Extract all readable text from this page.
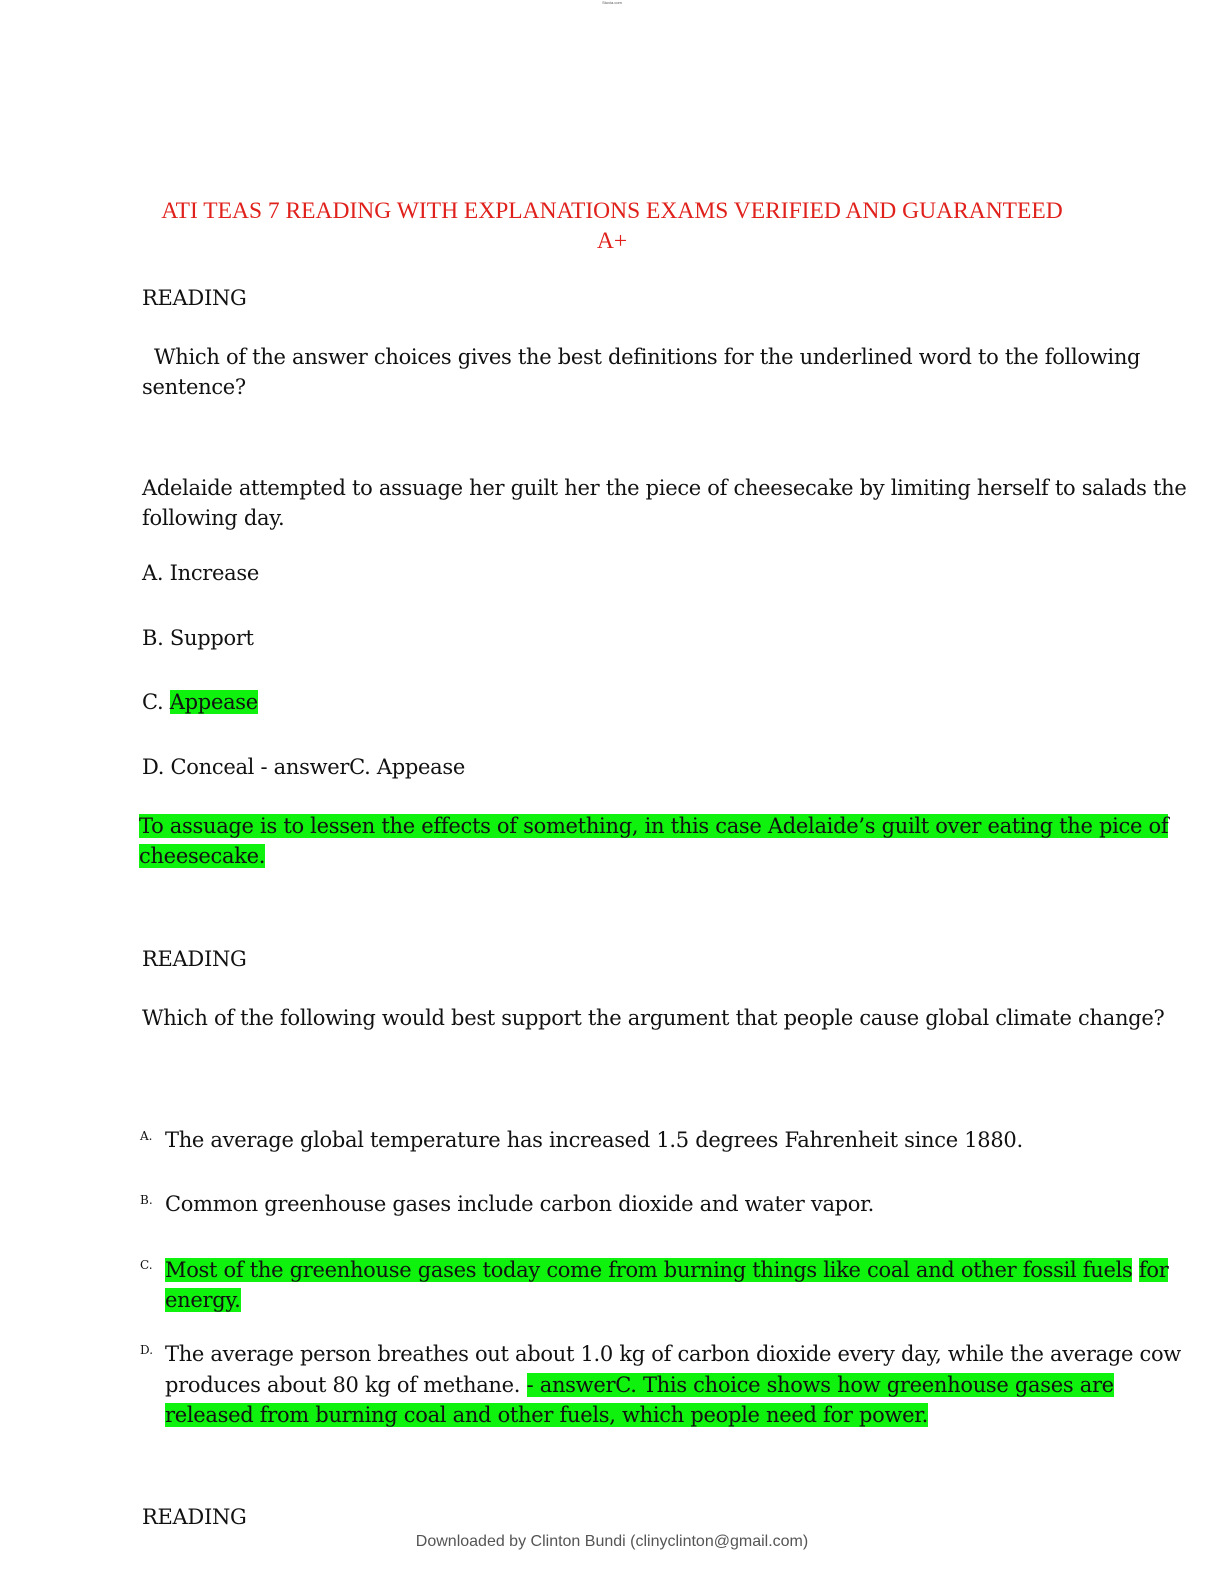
Stuvia.com
ATI TEAS 7 READING WITH EXPLANATIONS EXAMS VERIFIED AND GUARANTEED
A+
READING
Which of the answer choices gives the best definitions for the underlined word to the following
sentence?
Adelaide attempted to assuage her guilt her the piece of cheesecake by limiting herself to salads the
following day.
A. Increase
B. Support
C. Appease
D. Conceal - answerC. Appease
To assuage is to lessen the effects of something, in this case Adelaide’s guilt over eating the pice of
cheesecake.
READING
Which of the following would best support the argument that people cause global climate change?
A. The average global temperature has increased 1.5 degrees Fahrenheit since 1880.
B. Common greenhouse gases include carbon dioxide and water vapor.
C. Most of the greenhouse gases today come from burning things like coal and other fossil fuels for
energy.
D. The average person breathes out about 1.0 kg of carbon dioxide every day, while the average cow
produces about 80 kg of methane. - answerC. This choice shows how greenhouse gases are
released from burning coal and other fuels, which people need for power.
READING
Downloaded by Clinton Bundi (clinyclinton@gmail.com)
